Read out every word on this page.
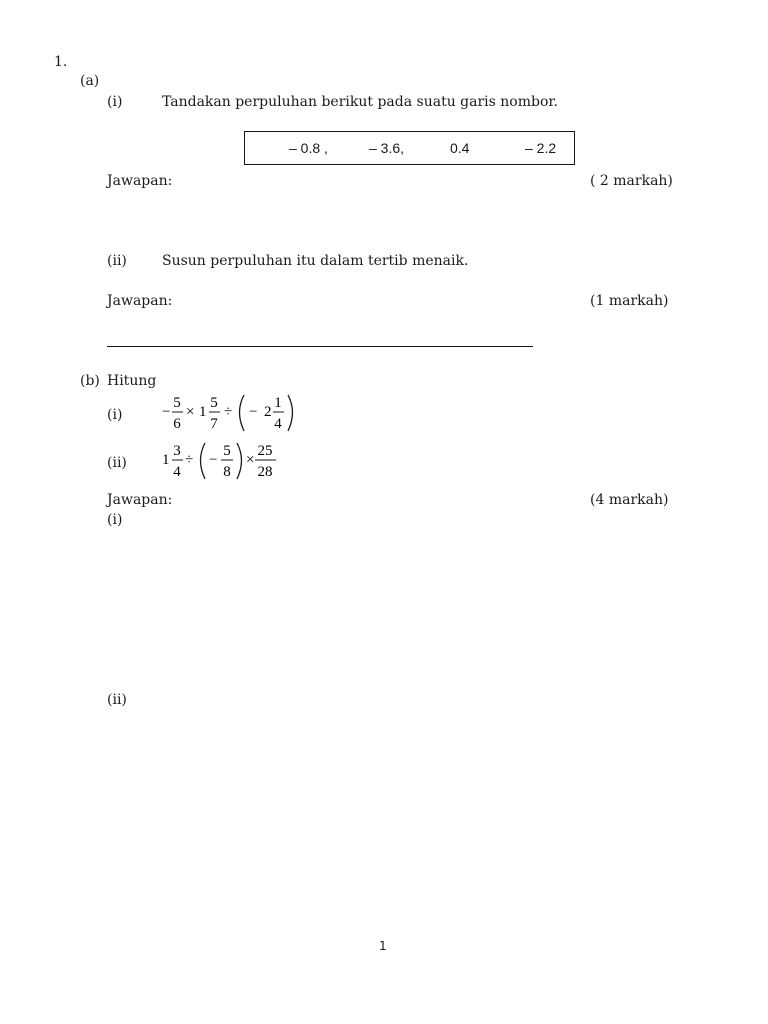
1.
(a)
(i)	Tandakan perpuluhan berikut pada suatu garis nombor.
– 0.8 ,	– 3.6,	0.4	– 2.2
Jawapan:	( 2 markah)
(ii)	Susun perpuluhan itu dalam tertib menaik.
Jawapan:	(1 markah)
(b) Hitung
(i)	−
5
6
× 1
5
7
÷ − 2
1
4
(ii) 1
3
4
÷ −
5
8
×
25
28
Jawapan:	(4 markah)
(i)
(ii)
1
